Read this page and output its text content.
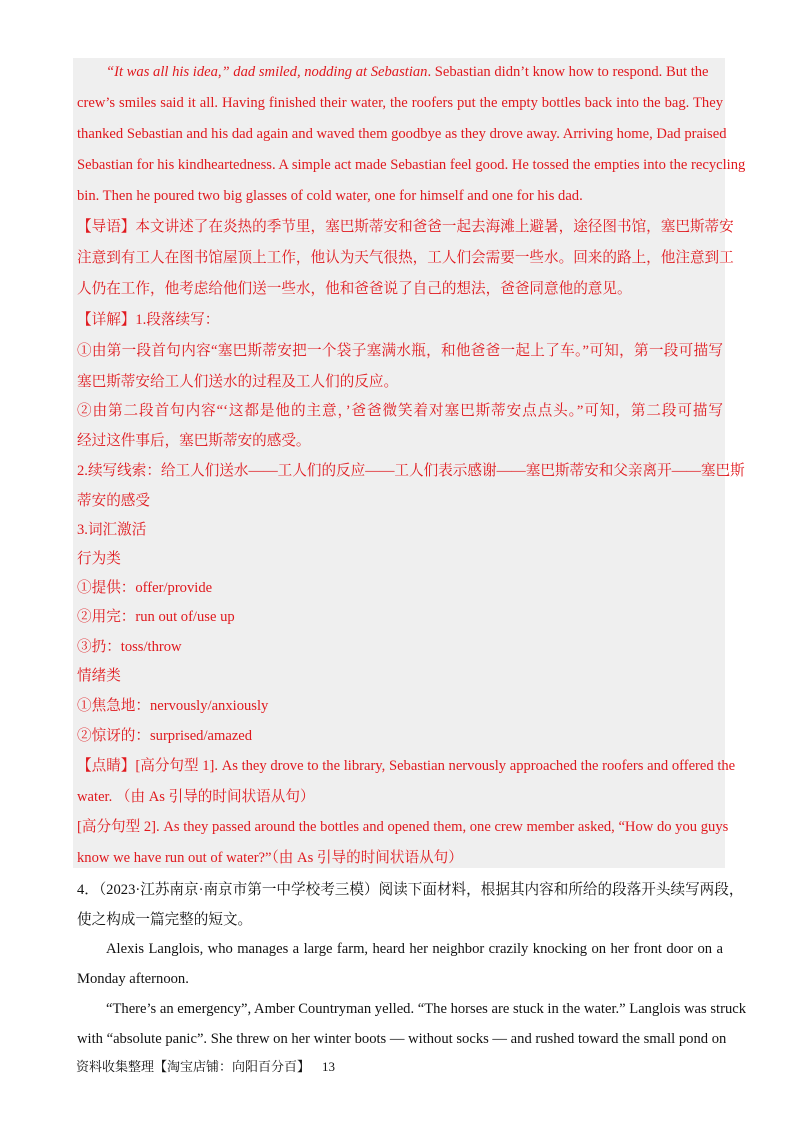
“It was all his idea,” dad smiled, nodding at Sebastian. Sebastian didn’t know how to respond. But the
crew’s smiles said it all. Having finished their water, the roofers put the empty bottles back into the bag. They
thanked Sebastian and his dad again and waved them goodbye as they drove away. Arriving home, Dad praised
Sebastian for his kindheartedness. A simple act made Sebastian feel good. He tossed the empties into the recycling
bin. Then he poured two big glasses of cold water, one for himself and one for his dad.
【导语】本文讲述了在炎热的季节里，塞巴斯蒂安和爸爸一起去海滩上避暑，途径图书馆，塞巴斯蒂安
注意到有工人在图书馆屋顶上工作，他认为天气很热，工人们会需要一些水。回来的路上，他注意到工
人仍在工作，他考虑给他们送一些水，他和爸爸说了自己的想法，爸爸同意他的意见。
【详解】1.段落续写：
①由第一段首句内容“塞巴斯蒂安把一个袋子塞满水瓶，和他爸爸一起上了车。”可知，第一段可描写
塞巴斯蒂安给工人们送水的过程及工人们的反应。
②由第二段首句内容“‘这都是他的主意，’爸爸微笑着对塞巴斯蒂安点点头。”可知，第二段可描写
经过这件事后，塞巴斯蒂安的感受。
2.续写线索：给工人们送水——工人们的反应——工人们表示感谢——塞巴斯蒂安和父亲离开——塞巴斯
蒂安的感受
3.词汇激活
行为类
①提供：offer/provide
②用完：run out of/use up
③扔：toss/throw
情绪类
①焦急地：nervously/anxiously
②惊讶的：surprised/amazed
【点睛】[高分句型 1]. As they drove to the library, Sebastian nervously approached the roofers and offered the
water. （由 As 引导的时间状语从句）
[高分句型 2]. As they passed around the bottles and opened them, one crew member asked, “How do you guys
know we have run out of water?”（由 As 引导的时间状语从句）
4．（2023·江苏南京·南京市第一中学校考三模）阅读下面材料，根据其内容和所给的段落开头续写两段，
使之构成一篇完整的短文。
Alexis Langlois, who manages a large farm, heard her neighbor crazily knocking on her front door on a
Monday afternoon.
“There’s an emergency”, Amber Countryman yelled. “The horses are stuck in the water.” Langlois was struck
with “absolute panic”. She threw on her winter boots — without socks — and rushed toward the small pond on
资料收集整理【淘宝店铺：向阳百分百】 13
